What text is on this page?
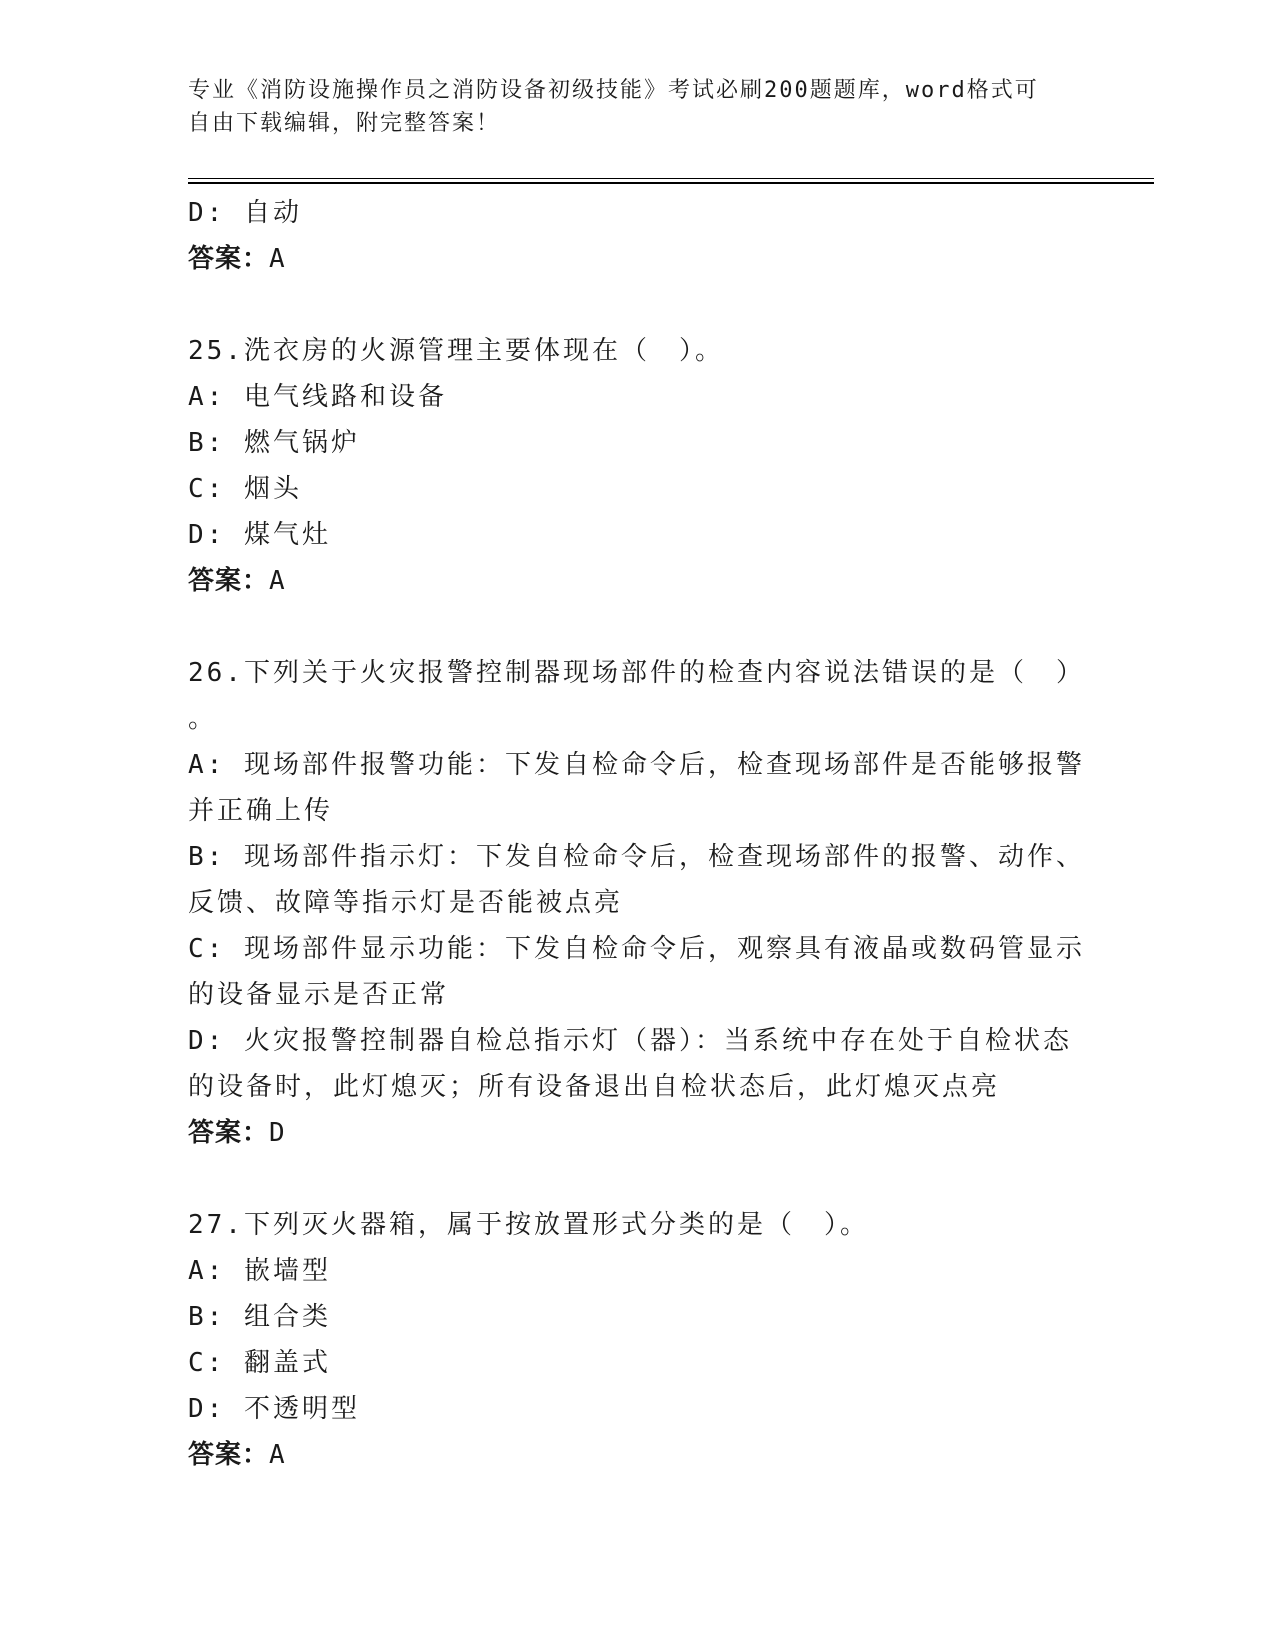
专业《消防设施操作员之消防设备初级技能》考试必刷200题题库，word格式可
自由下载编辑，附完整答案！
D: 自动
答案：A
25.洗衣房的火源管理主要体现在（　）。
A: 电气线路和设备
B: 燃气锅炉
C: 烟头
D: 煤气灶
答案：A
26.下列关于火灾报警控制器现场部件的检查内容说法错误的是（　）
。
A: 现场部件报警功能：下发自检命令后，检查现场部件是否能够报警
并正确上传
B: 现场部件指示灯：下发自检命令后，检查现场部件的报警、动作、
反馈、故障等指示灯是否能被点亮
C: 现场部件显示功能：下发自检命令后，观察具有液晶或数码管显示
的设备显示是否正常
D: 火灾报警控制器自检总指示灯（器）：当系统中存在处于自检状态
的设备时，此灯熄灭；所有设备退出自检状态后，此灯熄灭点亮
答案：D
27.下列灭火器箱，属于按放置形式分类的是（　）。
A: 嵌墙型
B: 组合类
C: 翻盖式
D: 不透明型
答案：A
